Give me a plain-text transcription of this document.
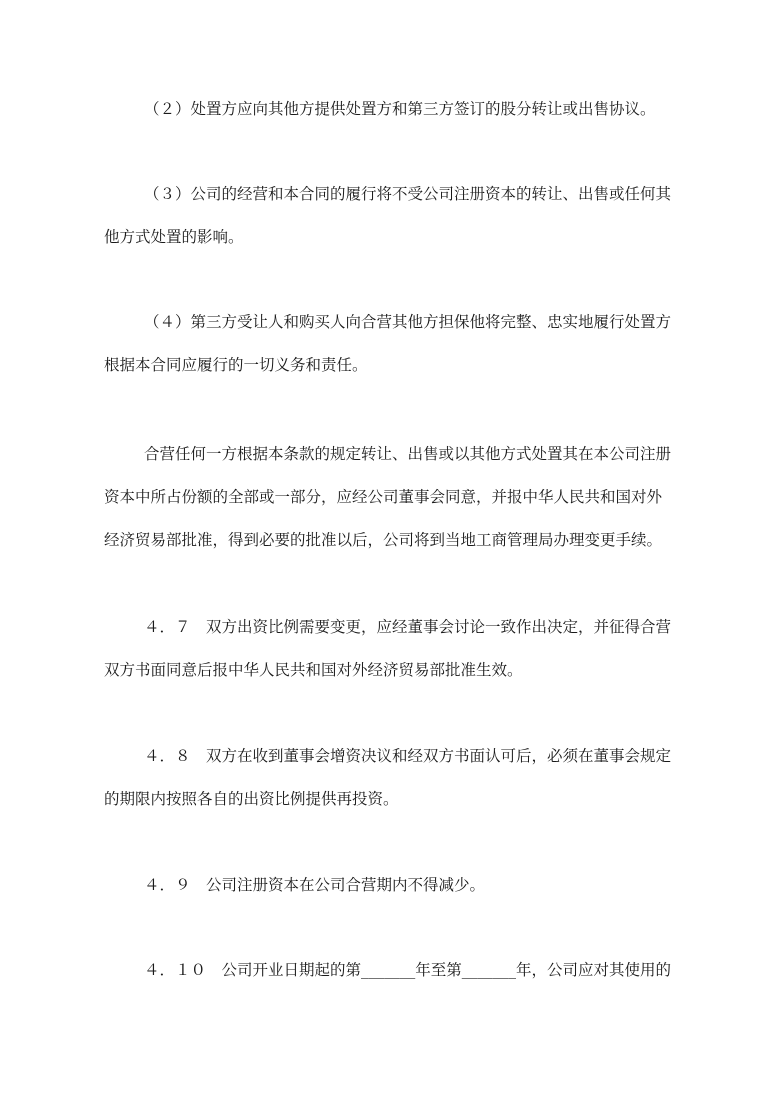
（２）处置方应向其他方提供处置方和第三方签订的股分转让或出售协议。
（３）公司的经营和本合同的履行将不受公司注册资本的转让、出售或任何其
他方式处置的影响。
（４）第三方受让人和购买人向合营其他方担保他将完整、忠实地履行处置方
根据本合同应履行的一切义务和责任。
合营任何一方根据本条款的规定转让、出售或以其他方式处置其在本公司注册
资本中所占份额的全部或一部分，应经公司董事会同意，并报中华人民共和国对外
经济贸易部批准，得到必要的批准以后，公司将到当地工商管理局办理变更手续。
４．７　双方出资比例需要变更，应经董事会讨论一致作出决定，并征得合营
双方书面同意后报中华人民共和国对外经济贸易部批准生效。
４．８　双方在收到董事会增资决议和经双方书面认可后，必须在董事会规定
的期限内按照各自的出资比例提供再投资。
４．９　公司注册资本在公司合营期内不得减少。
４．１０　公司开业日期起的第_______年至第_______年，公司应对其使用的
